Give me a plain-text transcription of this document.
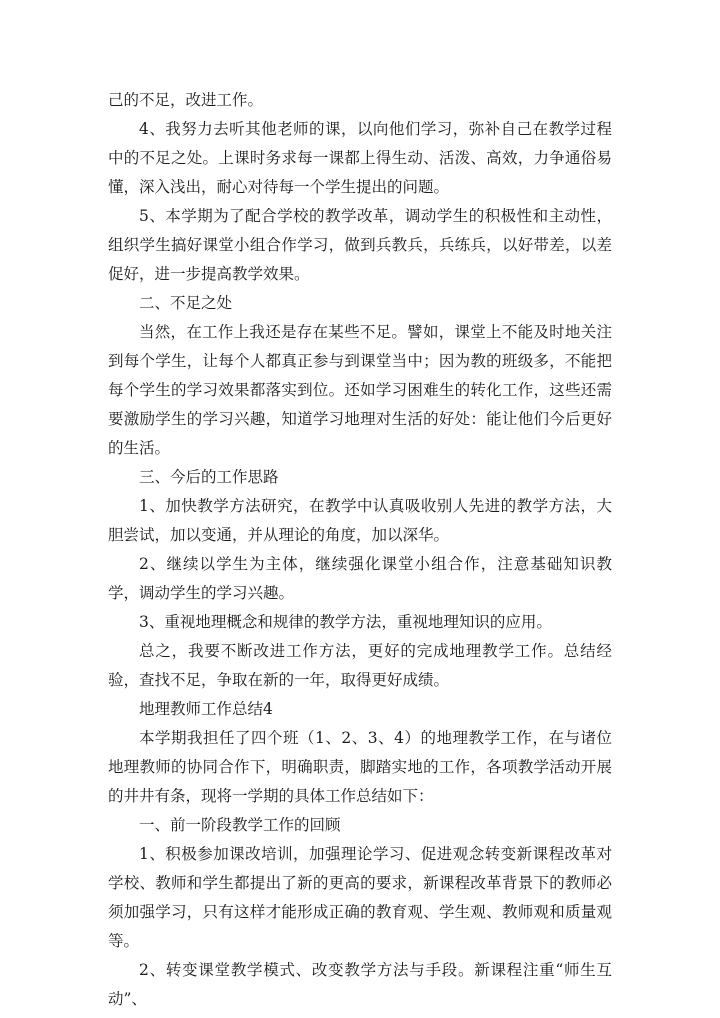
己的不足，改进工作。

4、我努力去听其他老师的课，以向他们学习，弥补自己在教学过程中的不足之处。上课时务求每一课都上得生动、活泼、高效，力争通俗易懂，深入浅出，耐心对待每一个学生提出的问题。

5、本学期为了配合学校的教学改革，调动学生的积极性和主动性，组织学生搞好课堂小组合作学习，做到兵教兵，兵练兵，以好带差，以差促好，进一步提高教学效果。

二、不足之处

当然，在工作上我还是存在某些不足。譬如，课堂上不能及时地关注到每个学生，让每个人都真正参与到课堂当中；因为教的班级多，不能把每个学生的学习效果都落实到位。还如学习困难生的转化工作，这些还需要激励学生的学习兴趣，知道学习地理对生活的好处：能让他们今后更好的生活。

三、今后的工作思路

1、加快教学方法研究，在教学中认真吸收别人先进的教学方法，大胆尝试，加以变通，并从理论的角度，加以深华。

2、继续以学生为主体，继续强化课堂小组合作，注意基础知识教学，调动学生的学习兴趣。

3、重视地理概念和规律的教学方法，重视地理知识的应用。

总之，我要不断改进工作方法，更好的完成地理教学工作。总结经验，查找不足，争取在新的一年，取得更好成绩。

地理教师工作总结4

本学期我担任了四个班（1、2、3、4）的地理教学工作，在与诸位地理教师的协同合作下，明确职责，脚踏实地的工作，各项教学活动开展的井井有条，现将一学期的具体工作总结如下：

一、前一阶段教学工作的回顾

1、积极参加课改培训，加强理论学习、促进观念转变新课程改革对学校、教师和学生都提出了新的更高的要求，新课程改革背景下的教师必须加强学习，只有这样才能形成正确的教育观、学生观、教师观和质量观等。

2、转变课堂教学模式、改变教学方法与手段。新课程注重“师生互动”、
